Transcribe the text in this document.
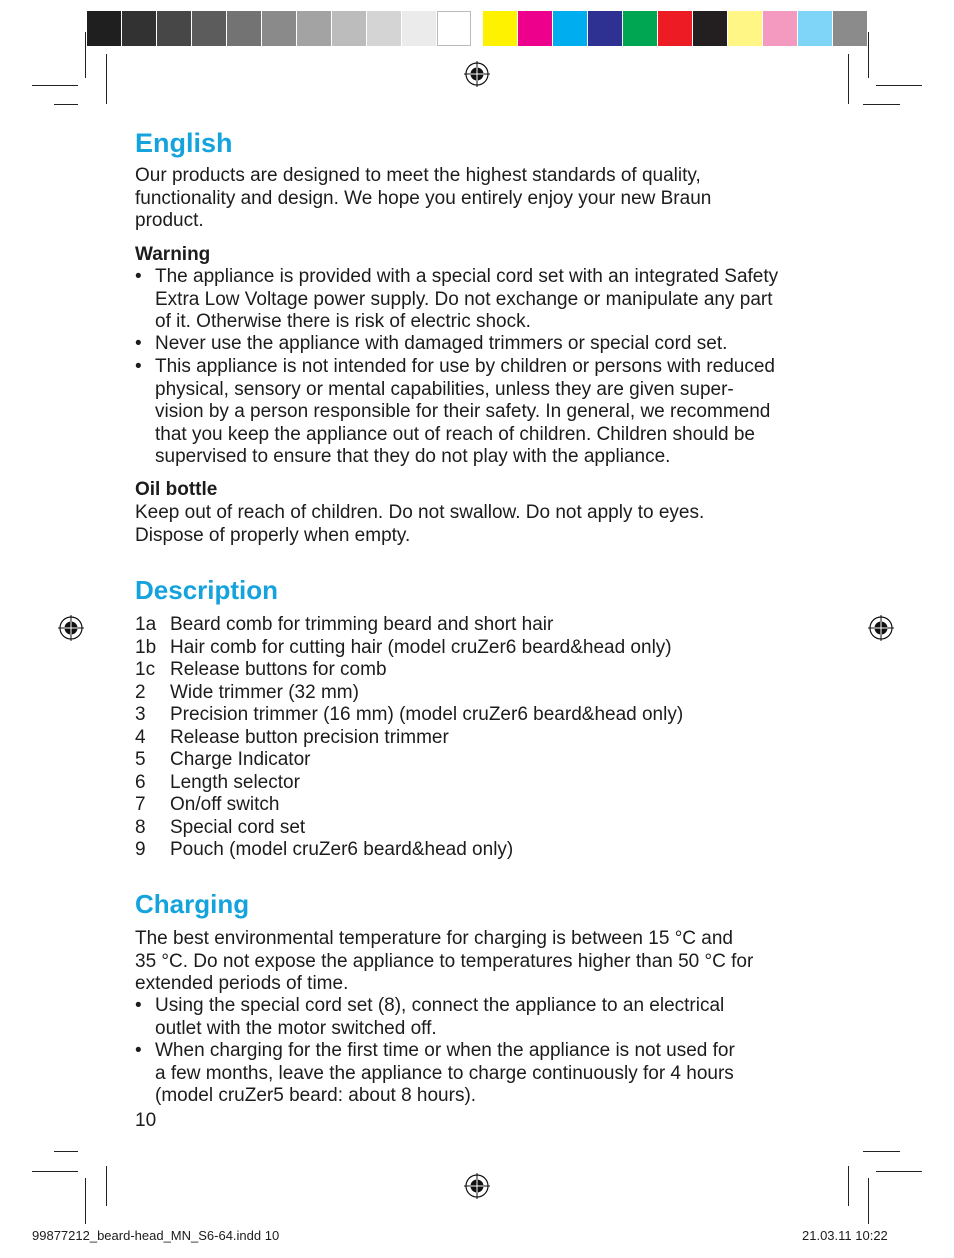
English
Our products are designed to meet the highest standards of quality,
functionality and design. We hope you entirely enjoy your new Braun
product.
Warning
• The appliance is provided with a special cord set with an integrated Safety
Extra Low Voltage power supply. Do not exchange or manipulate any part
of it. Otherwise there is risk of electric shock.
• Never use the appliance with damaged trimmers or special cord set.
• This appliance is not intended for use by children or persons with reduced
physical, sensory or mental capabilities, unless they are given super-
vision by a person responsible for their safety. In general, we recommend
that you keep the appliance out of reach of children. Children should be
supervised to ensure that they do not play with the appliance.
Oil bottle
Keep out of reach of children. Do not swallow. Do not apply to eyes.
Dispose of properly when empty.
Description
1a Beard comb for trimming beard and short hair
1b Hair comb for cutting hair (model cruZer6 beard&head only)
1c Release buttons for comb
2	Wide trimmer (32 mm)
3	Precision trimmer (16 mm) (model cruZer6 beard&head only)
4	Release button precision trimmer
5	Charge Indicator
6	Length selector
7	On/off switch
8	Special cord set
9	Pouch (model cruZer6 beard&head only)
Charging
The best environmental temperature for charging is between 15 °C and
35 °C. Do not expose the appliance to temperatures higher than 50 °C for
extended periods of time.
• Using the special cord set (8), connect the appliance to an electrical
outlet with the motor switched off.
• When charging for the first time or when the appliance is not used for
a few months, leave the appliance to charge continuously for 4 hours
(model cruZer5 beard: about 8 hours).
10
99877212_beard-head_MN_S6-64.indd 10	21.03.11 10:22
